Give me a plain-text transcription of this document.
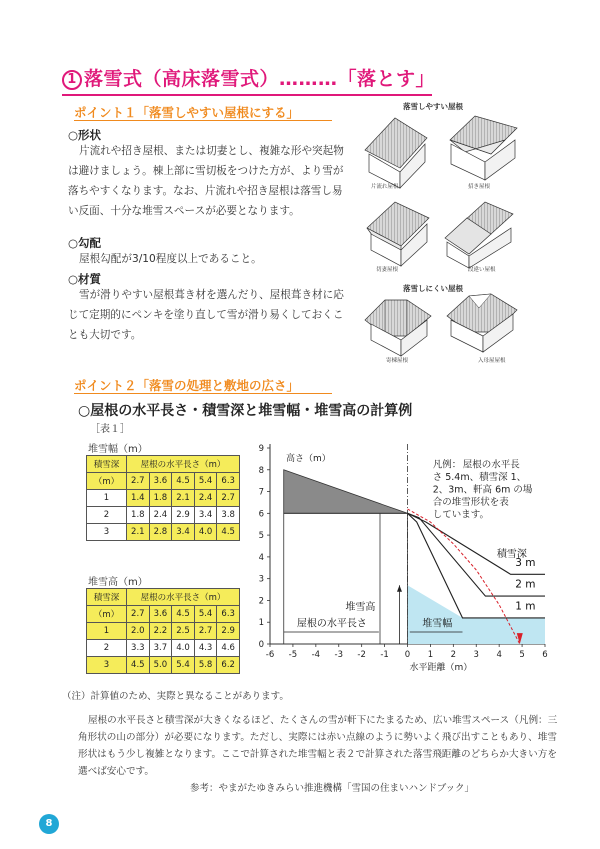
1 落雪式（高床落雪式）………「落とす」
ポイント１「落雪しやすい屋根にする」
○形状
片流れや招き屋根、または切妻とし、複雑な形や突起物は避けましょう。棟上部に雪切板をつけた方が、より雪が落ちやすくなります。なお、片流れや招き屋根は落雪し易い反面、十分な堆雪スペースが必要となります。
○勾配
屋根勾配が3/10程度以上であること。
○材質
雪が滑りやすい屋根葺き材を選んだり、屋根葺き材に応じて定期的にペンキを塗り直して雪が滑り易くしておくことも大切です。
落雪しやすい屋根
落雪しにくい屋根
片流れ屋根	招き屋根
切妻屋根	段違い屋根
寄棟屋根	入母屋屋根
ポイント２「落雪の処理と敷地の広さ」
○屋根の水平長さ・積雪深と堆雪幅・堆雪高の計算例
［表１］
堆雪幅（m）
積雪深	屋根の水平長さ（m）				
（m）	2.7	3.6	4.5	5.4	6.3
1	1.4	1.8	2.1	2.4	2.7
2	1.8	2.4	2.9	3.4	3.8
3	2.1	2.8	3.4	4.0	4.5
堆雪高（m）
積雪深	屋根の水平長さ（m）				
（m）	2.7	3.6	4.5	5.4	6.3
1	2.0	2.2	2.5	2.7	2.9
2	3.3	3.7	4.0	4.3	4.6
3	4.5	5.0	5.4	5.8	6.2
0
1
2
3
4
5
6
7
8
9
-6 -5 -4 -3 -2 -1 0 1 2 3 4 5 6
水平距離（m）
高さ（m）
堆雪高
屋根の水平長さ	堆雪幅
凡例： 屋根の水平長
さ 5.4m、積雪深 1、
2、3m、軒高 6m の場
合の堆雪形状を表
しています。
積雪深
3 m
2 m
1 m
（注）計算値のため、実際と異なることがあります。
屋根の水平長さと積雪深が大きくなるほど、たくさんの雪が軒下にたまるため、広い堆雪スペース（凡例：三角形状の山の部分）が必要になります。ただし、実際には赤い点線のように勢いよく飛び出すこともあり、堆雪形状はもう少し複雑となります。ここで計算された堆雪幅と表２で計算された落雪飛距離のどちらか大きい方を選べば安心です。
参考：やまがたゆきみらい推進機構「雪国の住まいハンドブック」
8
